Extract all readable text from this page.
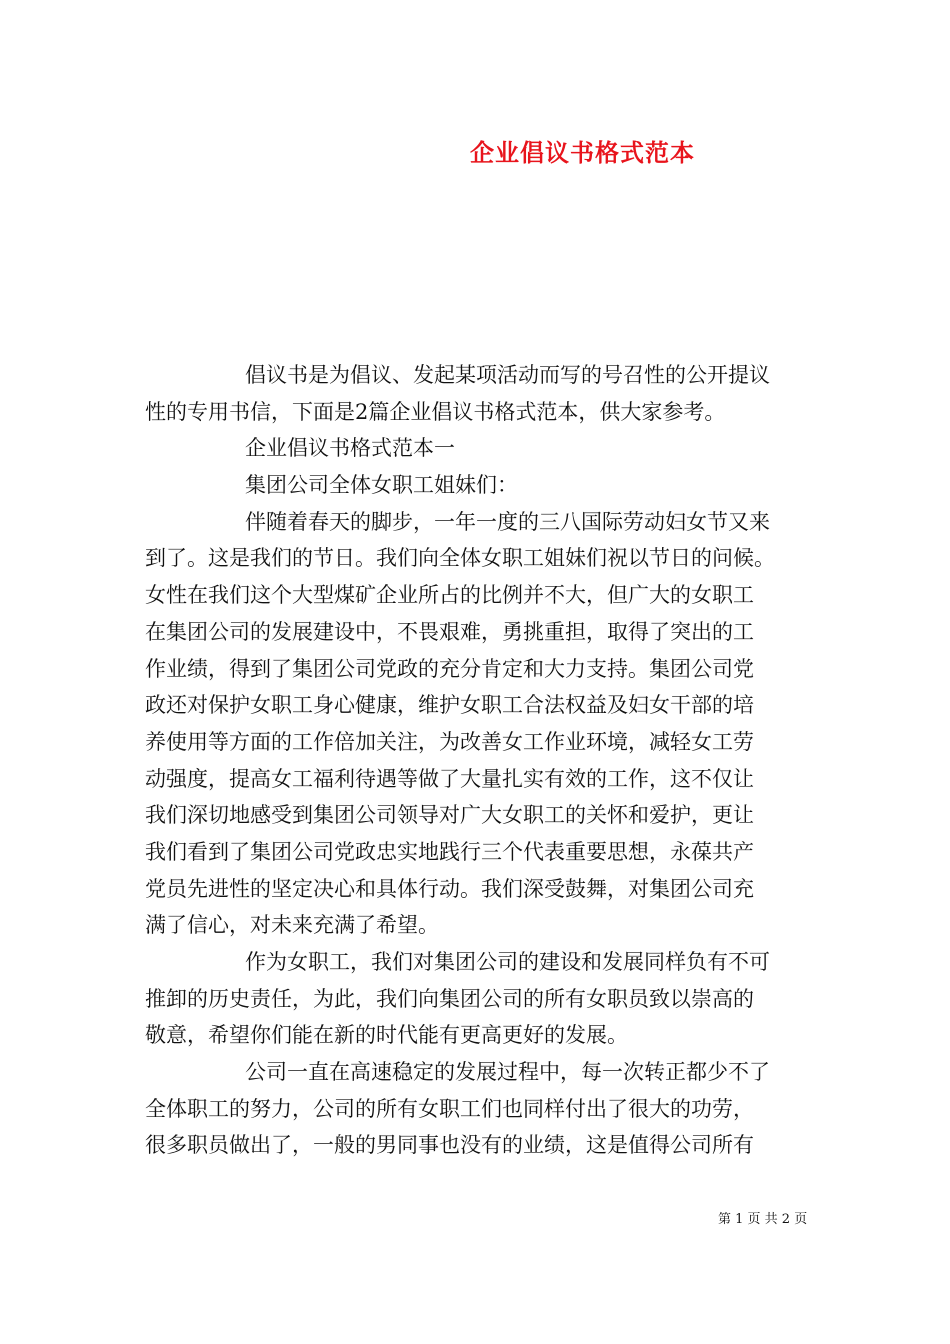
企业倡议书格式范本
倡议书是为倡议、发起某项活动而写的号召性的公开提议
性的专用书信，下面是2篇企业倡议书格式范本，供大家参考。
企业倡议书格式范本一
集团公司全体女职工姐妹们：
伴随着春天的脚步，一年一度的三八国际劳动妇女节又来
到了。这是我们的节日。我们向全体女职工姐妹们祝以节日的问候。
女性在我们这个大型煤矿企业所占的比例并不大，但广大的女职工
在集团公司的发展建设中，不畏艰难，勇挑重担，取得了突出的工
作业绩，得到了集团公司党政的充分肯定和大力支持。集团公司党
政还对保护女职工身心健康，维护女职工合法权益及妇女干部的培
养使用等方面的工作倍加关注，为改善女工作业环境，减轻女工劳
动强度，提高女工福利待遇等做了大量扎实有效的工作，这不仅让
我们深切地感受到集团公司领导对广大女职工的关怀和爱护，更让
我们看到了集团公司党政忠实地践行三个代表重要思想，永葆共产
党员先进性的坚定决心和具体行动。我们深受鼓舞，对集团公司充
满了信心，对未来充满了希望。
作为女职工，我们对集团公司的建设和发展同样负有不可
推卸的历史责任，为此，我们向集团公司的所有女职员致以崇高的
敬意，希望你们能在新的时代能有更高更好的发展。
公司一直在高速稳定的发展过程中，每一次转正都少不了
全体职工的努力，公司的所有女职工们也同样付出了很大的功劳，
很多职员做出了，一般的男同事也没有的业绩，这是值得公司所有
第 1 页 共 2 页
